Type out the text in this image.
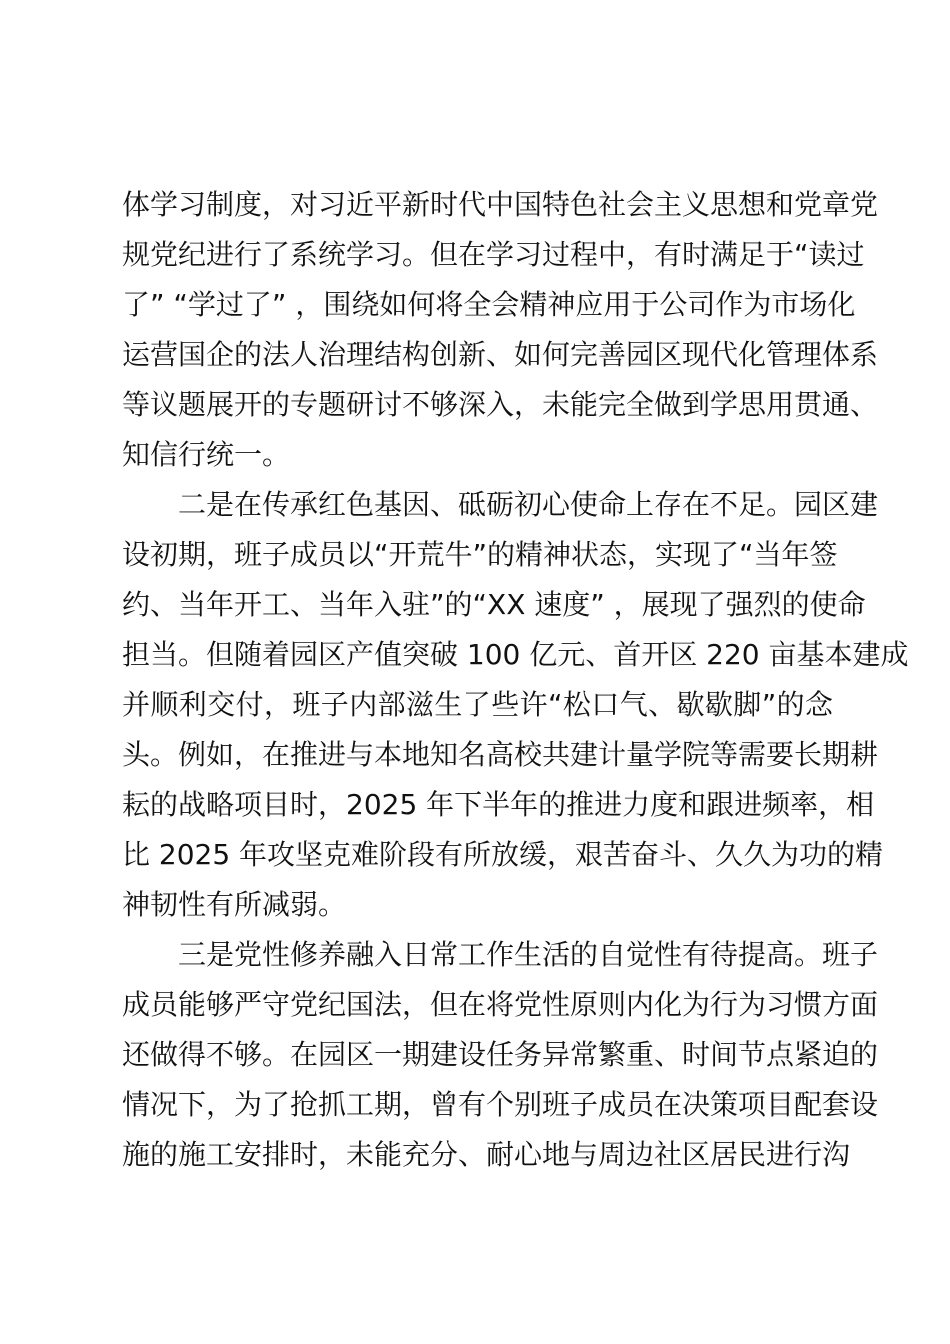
体学习制度，对习近平新时代中国特色社会主义思想和党章党
规党纪进行了系统学习。但在学习过程中，有时满足于“读过
了” “学过了” ，围绕如何将全会精神应用于公司作为市场化
运营国企的法人治理结构创新、如何完善园区现代化管理体系
等议题展开的专题研讨不够深入，未能完全做到学思用贯通、
知信行统一。
二是在传承红色基因、砥砺初心使命上存在不足。园区建
设初期，班子成员以“开荒牛”的精神状态，实现了“当年签
约、当年开工、当年入驻”的“XX 速度” ，展现了强烈的使命
担当。但随着园区产值突破 100 亿元、首开区 220 亩基本建成
并顺利交付，班子内部滋生了些许“松口气、歇歇脚”的念
头。例如，在推进与本地知名高校共建计量学院等需要长期耕
耘的战略项目时，2025 年下半年的推进力度和跟进频率，相
比 2025 年攻坚克难阶段有所放缓，艰苦奋斗、久久为功的精
神韧性有所减弱。
三是党性修养融入日常工作生活的自觉性有待提高。班子
成员能够严守党纪国法，但在将党性原则内化为行为习惯方面
还做得不够。在园区一期建设任务异常繁重、时间节点紧迫的
情况下，为了抢抓工期，曾有个别班子成员在决策项目配套设
施的施工安排时，未能充分、耐心地与周边社区居民进行沟
